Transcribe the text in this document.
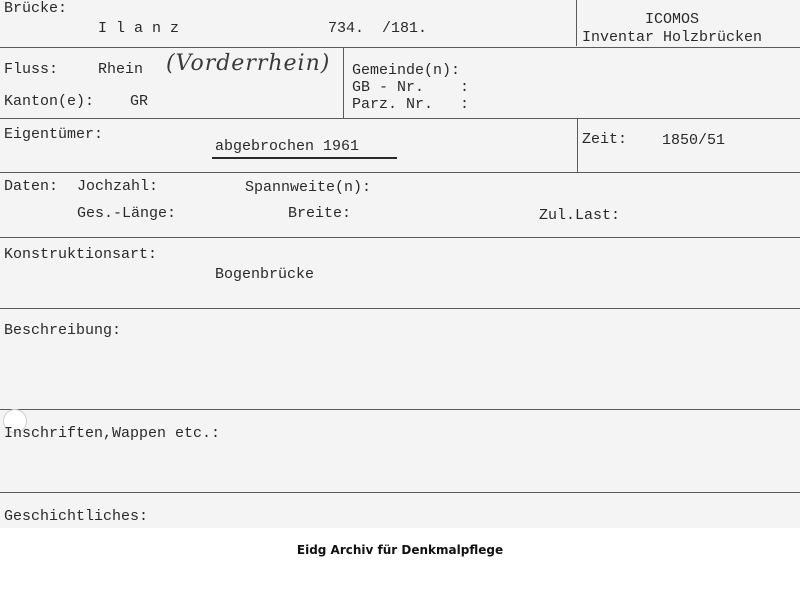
Brücke:
I l a n z	734.  /181.
ICOMOS
Inventar Holzbrücken
Fluss:	Rhein (Vorderrhein)
Kanton(e): GR
Gemeinde(n):
GB - Nr.    :
Parz. Nr.   :
Eigentümer:
abgebrochen 1961	Zeit: 1850/51
Daten: Jochzahl:	Spannweite(n):
Ges.-Länge:	Breite:	Zul.Last:
Konstruktionsart:
Bogenbrücke
Beschreibung:
Inschriften,Wappen etc.:
Geschichtliches:
Eidg Archiv für Denkmalpflege
